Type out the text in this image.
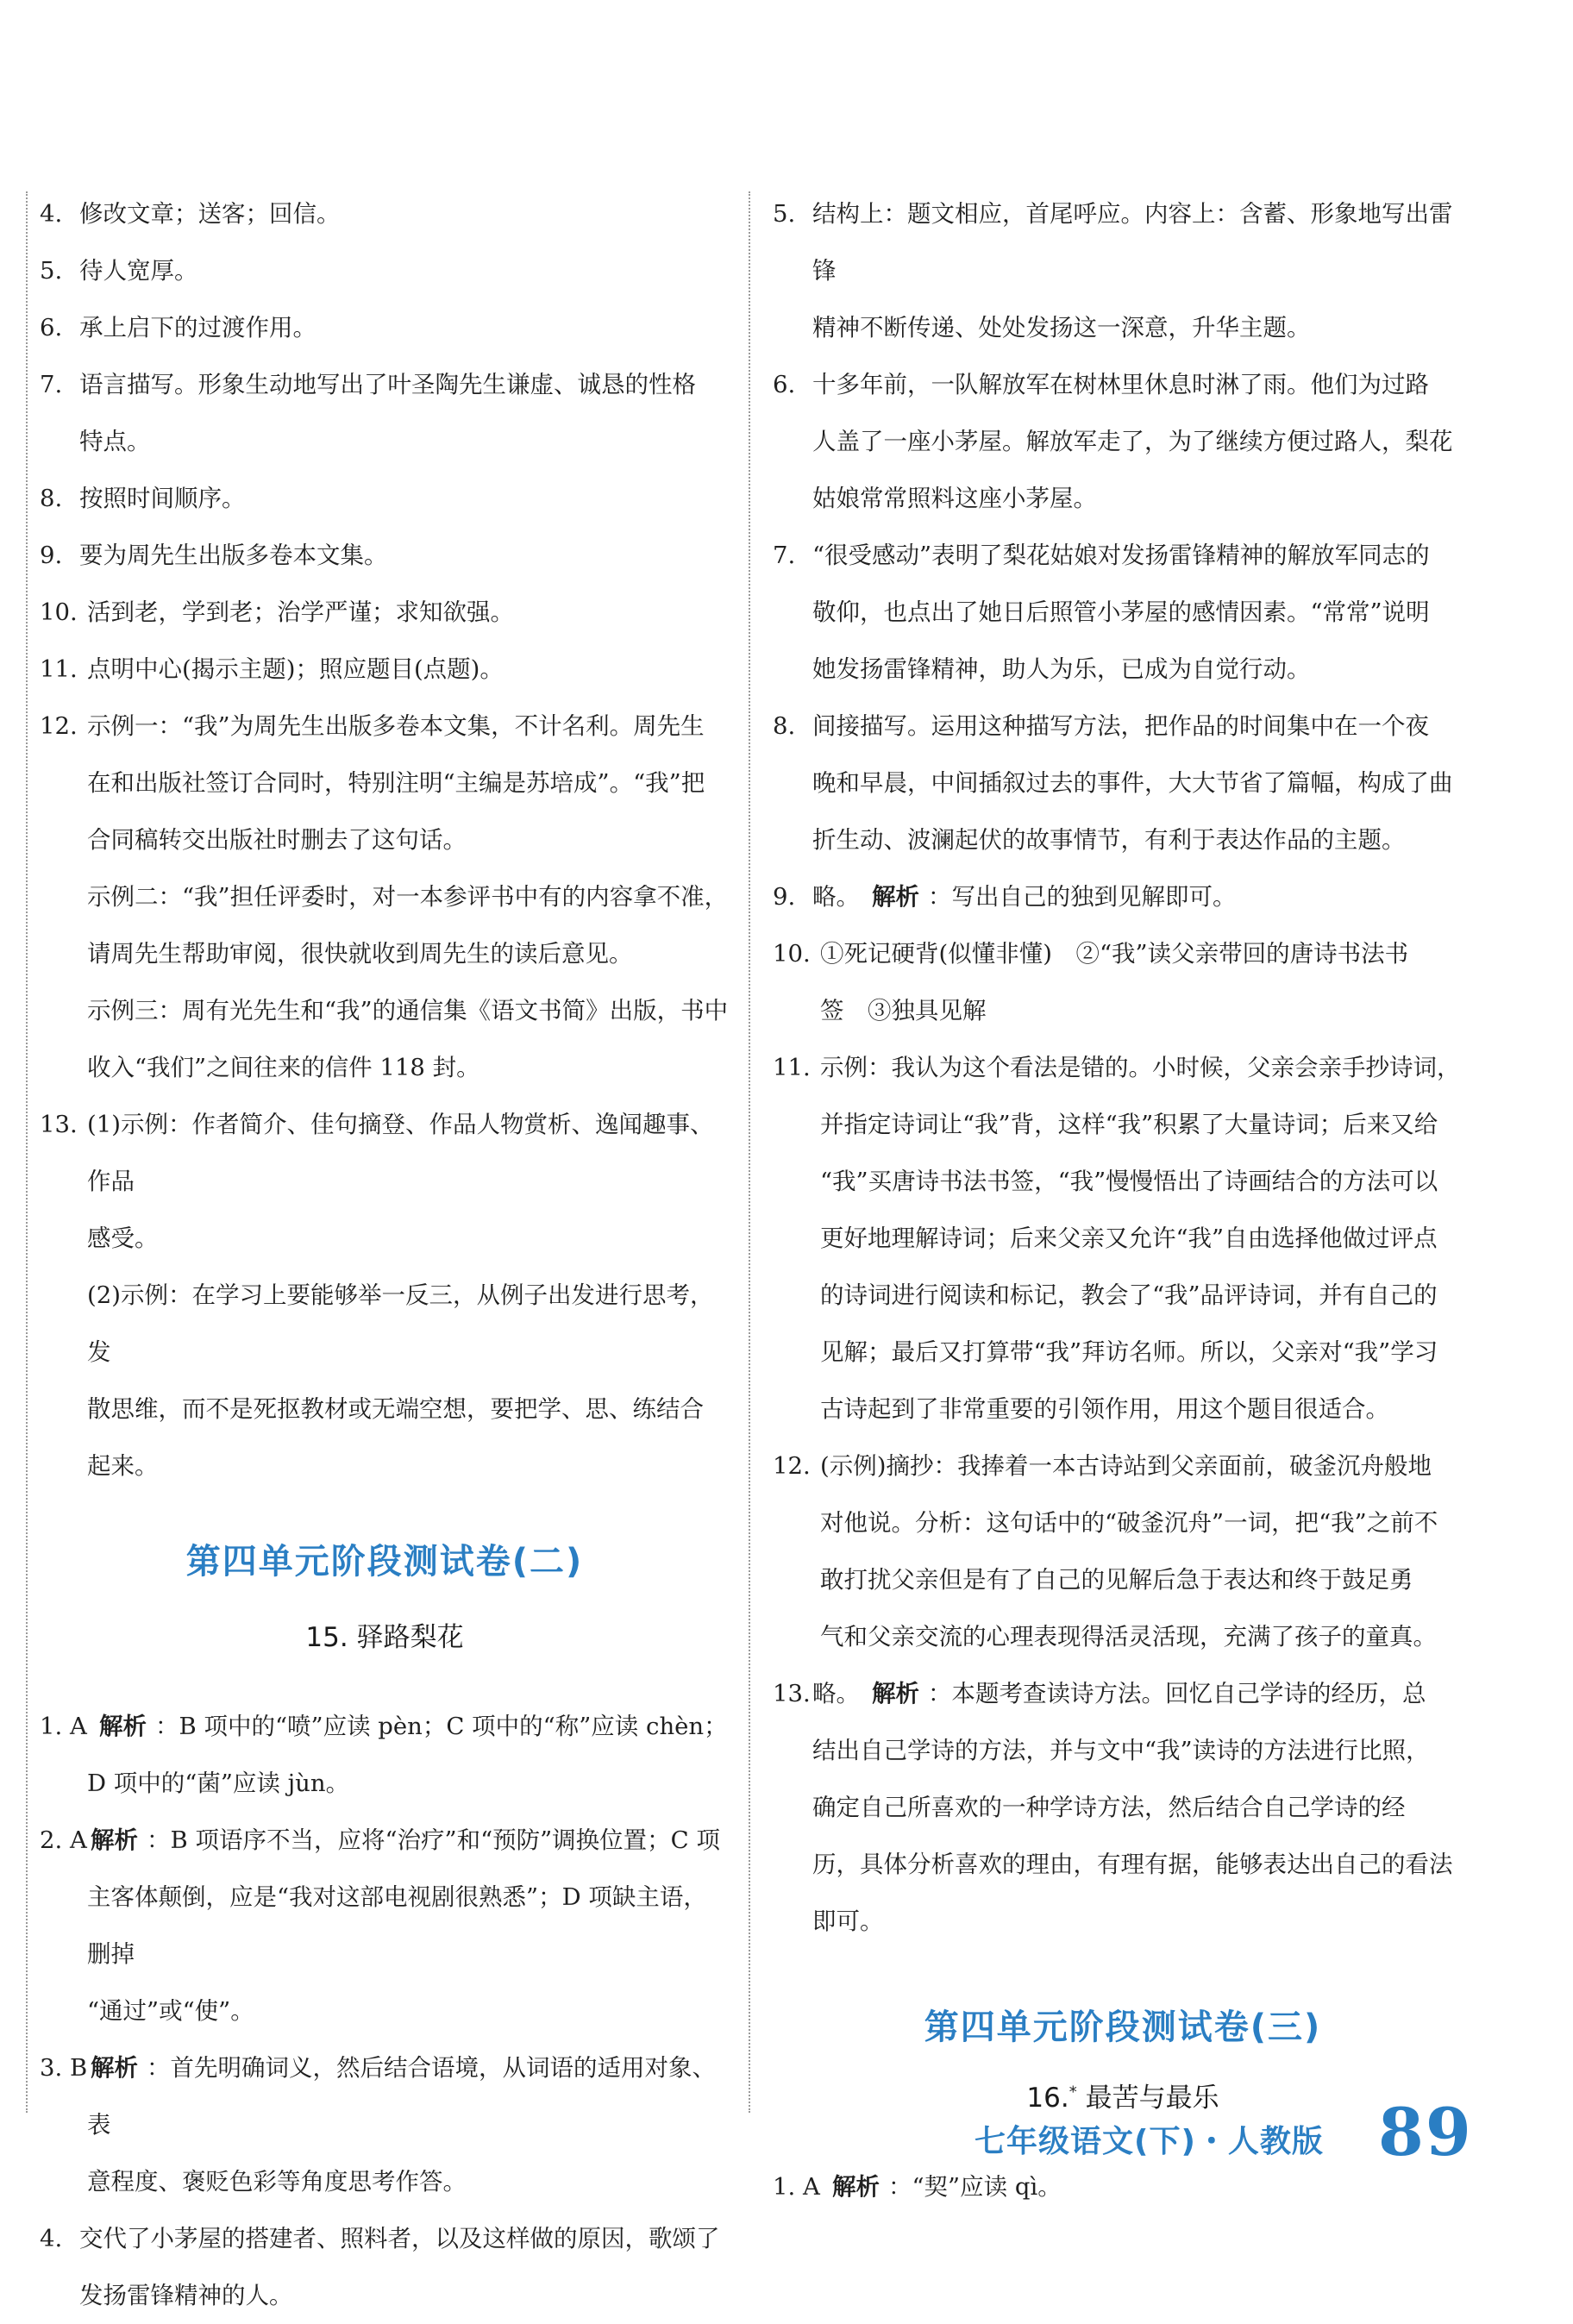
4. 修改文章；送客；回信。

5. 待人宽厚。

6. 承上启下的过渡作用。

7. 语言描写。形象生动地写出了叶圣陶先生谦虚、诚恳的性格

特点。

8. 按照时间顺序。

9. 要为周先生出版多卷本文集。

10. 活到老，学到老；治学严谨；求知欲强。

11. 点明中心(揭示主题)；照应题目(点题)。

12. 示例一：“我”为周先生出版多卷本文集，不计名利。周先生

在和出版社签订合同时，特别注明“主编是苏培成”。“我”把

合同稿转交出版社时删去了这句话。

示例二：“我”担任评委时，对一本参评书中有的内容拿不准，

请周先生帮助审阅，很快就收到周先生的读后意见。

示例三：周有光先生和“我”的通信集《语文书简》出版，书中

收入“我们”之间往来的信件 118 封。

13. (1)示例：作者简介、佳句摘登、作品人物赏析、逸闻趣事、作品

感受。

(2)示例：在学习上要能够举一反三，从例子出发进行思考，发

散思维，而不是死抠教材或无端空想，要把学、思、练结合

起来。

第四单元阶段测试卷(二)

15. 驿路梨花

1. A 解析 ：B 项中的“喷”应读 pèn；C 项中的“称”应读 chèn；

D 项中的“菌”应读 jùn。

2. A 解析 ：B 项语序不当，应将“治疗”和“预防”调换位置；C 项

主客体颠倒，应是“我对这部电视剧很熟悉”；D 项缺主语，删掉

“通过”或“使”。

3. B 解析 ：首先明确词义，然后结合语境，从词语的适用对象、表

意程度、褒贬色彩等角度思考作答。

4. 交代了小茅屋的搭建者、照料者，以及这样做的原因，歌颂了

发扬雷锋精神的人。

5. 结构上：题文相应，首尾呼应。内容上：含蓄、形象地写出雷锋

精神不断传递、处处发扬这一深意，升华主题。

6. 十多年前，一队解放军在树林里休息时淋了雨。他们为过路

人盖了一座小茅屋。解放军走了，为了继续方便过路人，梨花

姑娘常常照料这座小茅屋。

7. “很受感动”表明了梨花姑娘对发扬雷锋精神的解放军同志的

敬仰，也点出了她日后照管小茅屋的感情因素。“常常”说明

她发扬雷锋精神，助人为乐，已成为自觉行动。

8. 间接描写。运用这种描写方法，把作品的时间集中在一个夜

晚和早晨，中间插叙过去的事件，大大节省了篇幅，构成了曲

折生动、波澜起伏的故事情节，有利于表达作品的主题。

9. 略。 解析 ：写出自己的独到见解即可。

10. ①死记硬背(似懂非懂)　②“我”读父亲带回的唐诗书法书

签　③独具见解

11. 示例：我认为这个看法是错的。小时候，父亲会亲手抄诗词，

并指定诗词让“我”背，这样“我”积累了大量诗词；后来又给

“我”买唐诗书法书签，“我”慢慢悟出了诗画结合的方法可以

更好地理解诗词；后来父亲又允许“我”自由选择他做过评点

的诗词进行阅读和标记，教会了“我”品评诗词，并有自己的

见解；最后又打算带“我”拜访名师。所以，父亲对“我”学习

古诗起到了非常重要的引领作用，用这个题目很适合。

12. (示例)摘抄：我捧着一本古诗站到父亲面前，破釜沉舟般地

对他说。分析：这句话中的“破釜沉舟”一词，把“我”之前不

敢打扰父亲但是有了自己的见解后急于表达和终于鼓足勇

气和父亲交流的心理表现得活灵活现，充满了孩子的童真。

13. 略。 解析 ：本题考查读诗方法。回忆自己学诗的经历，总

结出自己学诗的方法，并与文中“我”读诗的方法进行比照，

确定自己所喜欢的一种学诗方法，然后结合自己学诗的经

历，具体分析喜欢的理由，有理有据，能够表达出自己的看法

即可。

第四单元阶段测试卷(三)

16.* 最苦与最乐

1. A 解析 ：“契”应读 qì。

七年级语文(下)・人教版 89
